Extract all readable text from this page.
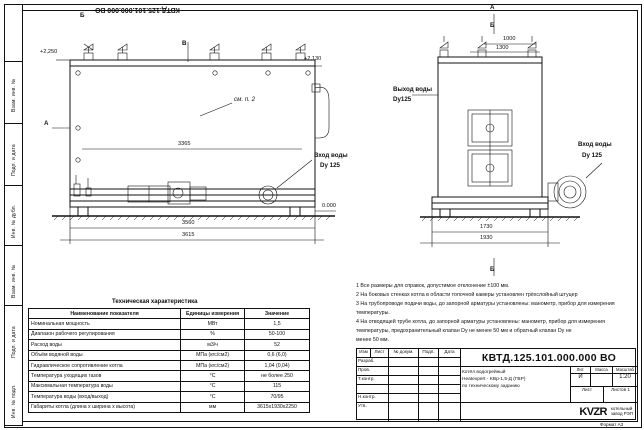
Взам. инв. №
Подп. и дата
Инв. № дубл.
Взам. инв. №
Подп. и дата
Инв. № подл.
КВТД.125.101.000.000 ВО
см. п. 2
Вход воды
Dy 125
+2,250
+2,130
0.000
3365
3560
3615
Б
А
В
Выход воды
Dy125
Вход воды
Dy 125
1000
1300
1730
1930
А
Б
Б
1 Все размеры для справок, допустимое отклонение ±100 мм.
2 На боковых стенках котла в области топочной камеры установлен трёхслойный штуцер
3 На трубопроводе подачи воды, до запорной арматуры установлены: манометр, прибор для измерения
температуры.
4 На отводящей трубе котла, до запорной арматуры установлены: манометр, прибор для измерения
температуры, предохранительный клапан Dy не менее 50 мм и обратный клапан Dy не
менее 50 мм.
Техническая характеристика
Наименование показателя	Единицы измерения	Значение
Номинальная мощность	МВт	1,5
Диапазон рабочего регулирования	%	50-100
Расход воды	м3/ч	52
Объём водяной воды	МПа (кгс/см2)	0,6 (6,0)
Гидравлическое сопротивление котла	МПа (кгс/см2)	1,04 (0,04)
Температура уходящих газов	°С	не более 250
Максимальная температура воды	°С	115
Температура воды (вход/выход)	°С	70/95
Габариты котла (длина х ширина х высота)	мм	3615х1930х2250
Изм	Лист	№ докум.	Подп.	Дата
Разраб.
Пров.
Т.контр.
Н.контр.
Утв.
КВТД.125.101.000.000 ВО
Котёл водогрейный
Heatexpert - KBp-1,5-Д (ГВР)
по техническому заданию
Лит.	Масса	Масштаб
И	1:20
Лист	Листов 1
KVZR котельный
завод РЭП
Формат А3
